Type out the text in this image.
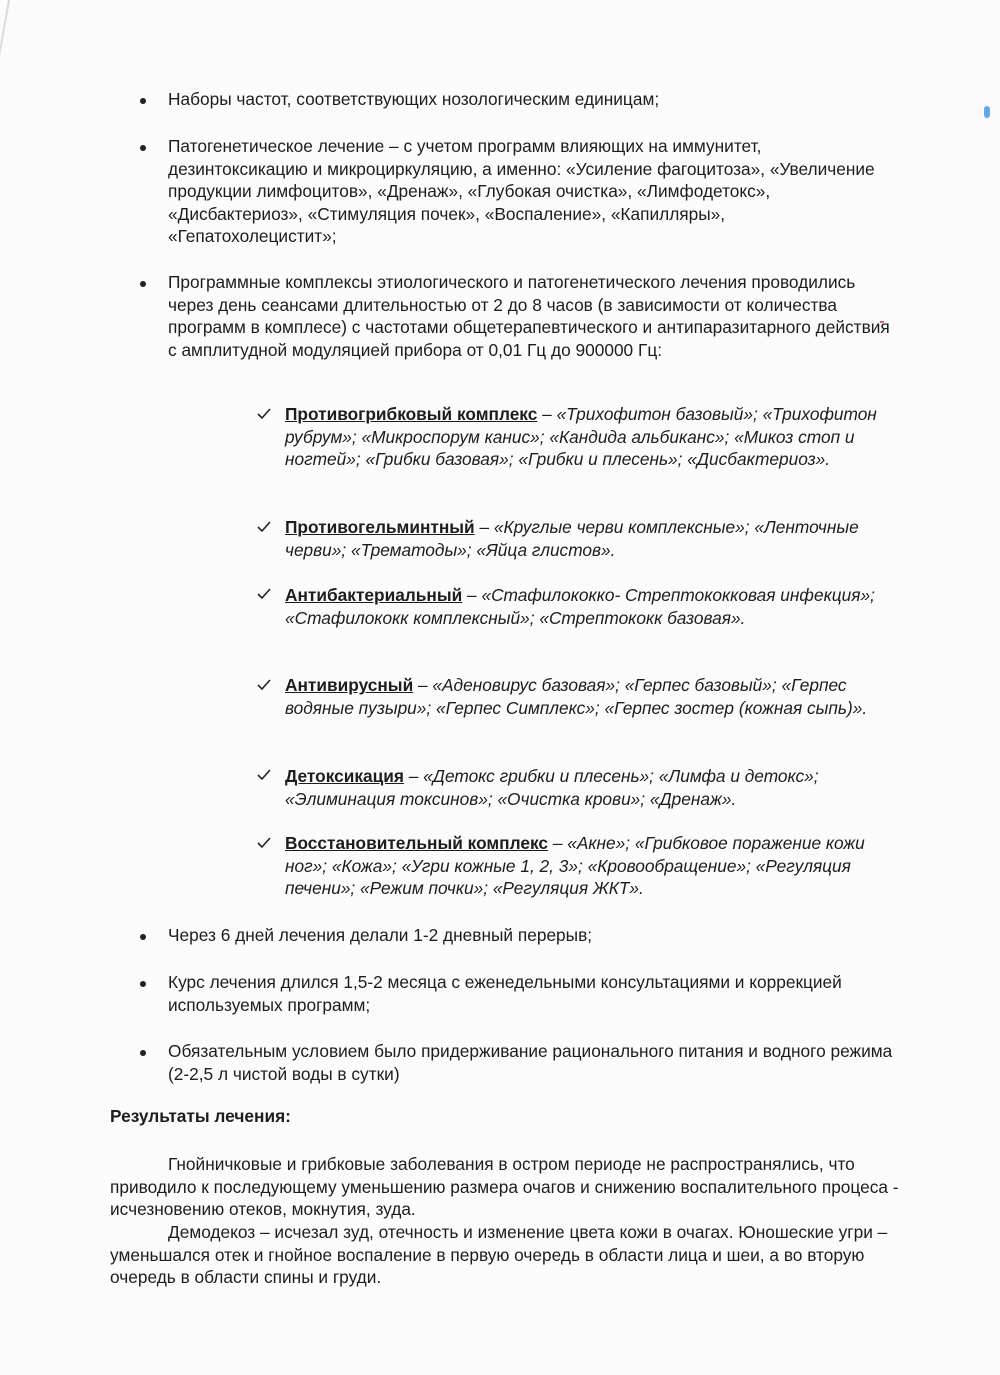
Наборы частот, соответствующих нозологическим единицам;
Патогенетическое лечение – с учетом программ влияющих на иммунитет, дезинтоксикацию и микроциркуляцию, а именно: «Усиление фагоцитоза», «Увеличение продукции лимфоцитов», «Дренаж», «Глубокая очистка», «Лимфодетокс», «Дисбактериоз», «Стимуляция почек», «Воспаление», «Капилляры», «Гепатохолецистит»;
Программные комплексы этиологического и патогенетического лечения проводились через день сеансами длительностью от 2 до 8 часов (в зависимости от количества программ в комплесе) с частотами общетерапевтического и антипаразитарного действия с амплитудной модуляцией прибора от 0,01 Гц до 900000 Гц:
Противогрибковый комплекс – «Трихофитон базовый»; «Трихофитон рубрум»; «Микроспорум канис»; «Кандида альбиканс»; «Микоз стоп и ногтей»; «Грибки базовая»; «Грибки и плесень»; «Дисбактериоз».
Противогельминтный – «Круглые черви комплексные»; «Ленточные черви»; «Трематоды»; «Яйца глистов».
Антибактериальный – «Стафилококко- Стрептококковая инфекция»; «Стафилококк комплексный»; «Стрептококк базовая».
Антивирусный – «Аденовирус базовая»; «Герпес базовый»; «Герпес водяные пузыри»; «Герпес Симплекс»; «Герпес зостер (кожная сыпь)».
Детоксикация – «Детокс грибки и плесень»; «Лимфа и детокс»; «Элиминация токсинов»; «Очистка крови»; «Дренаж».
Восстановительный комплекс – «Акне»; «Грибковое поражение кожи ног»; «Кожа»; «Угри кожные 1, 2, 3»; «Кровообращение»; «Регуляция печени»; «Режим почки»; «Регуляция ЖКТ».
Через 6 дней лечения делали 1-2 дневный перерыв;
Курс лечения длился 1,5-2 месяца с еженедельными консультациями и коррекцией используемых программ;
Обязательным условием было придерживание рационального питания и водного режима (2-2,5 л чистой воды в сутки)
Результаты лечения:
Гнойничковые и грибковые заболевания в остром периоде не распространялись, что приводило к последующему уменьшению размера очагов и снижению воспалительного процеса - исчезновению отеков, мокнутия, зуда.
Демодекоз – исчезал зуд, отечность и изменение цвета кожи в очагах. Юношеские угри – уменьшался отек и гнойное воспаление в первую очередь в области лица и шеи, а во вторую очередь в области спины и груди.
